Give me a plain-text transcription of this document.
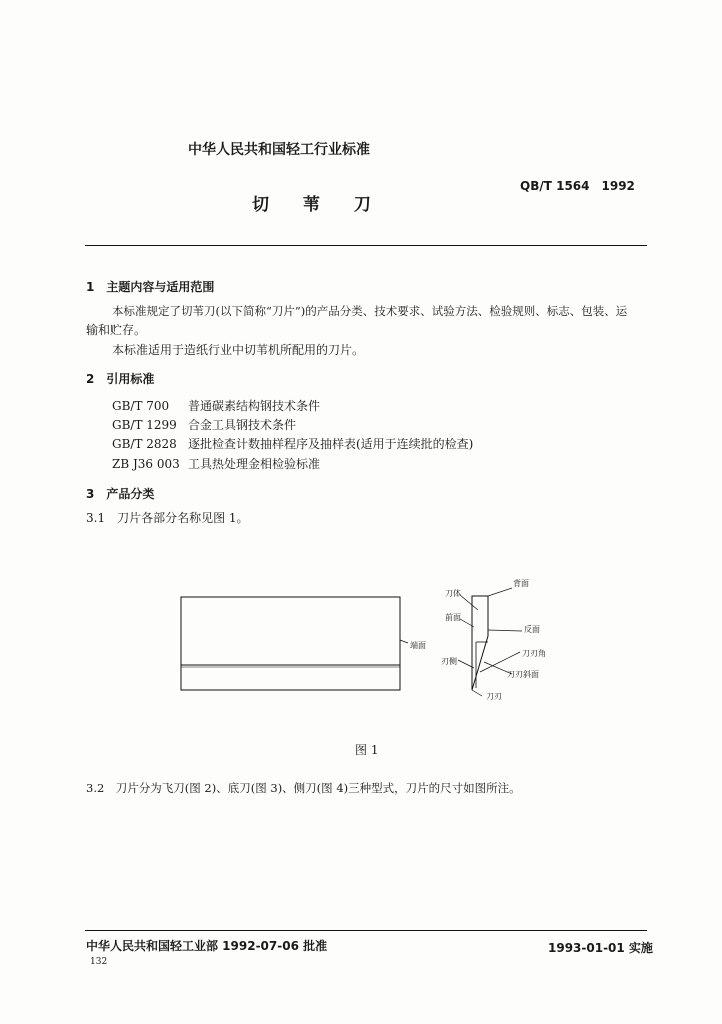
中华人民共和国轻工行业标准
QB/T 1564　1992
切 苇 刀
1　主题内容与适用范围
本标准规定了切苇刀(以下简称“刀片”)的产品分类、技术要求、试验方法、检验规则、标志、包装、运
输和贮存。
本标准适用于造纸行业中切苇机所配用的刀片。
2　引用标准
GB/T 700 普通碳素结构钢技术条件
GB/T 1299 合金工具钢技术条件
GB/T 2828 逐批检查计数抽样程序及抽样表(适用于连续批的检查)
ZB J36 003 工具热处理金相检验标准
3　产品分类
3.1　刀片各部分名称见图 1。
端面
刀体
背面
前面
反面
刃侧
刀刃角
刀刃斜面
刀刃
图 1
3.2　刀片分为飞刀(图 2)、底刀(图 3)、侧刀(图 4)三种型式，刀片的尺寸如图所注。
中华人民共和国轻工业部 1992-07-06 批准	1993-01-01 实施
132
